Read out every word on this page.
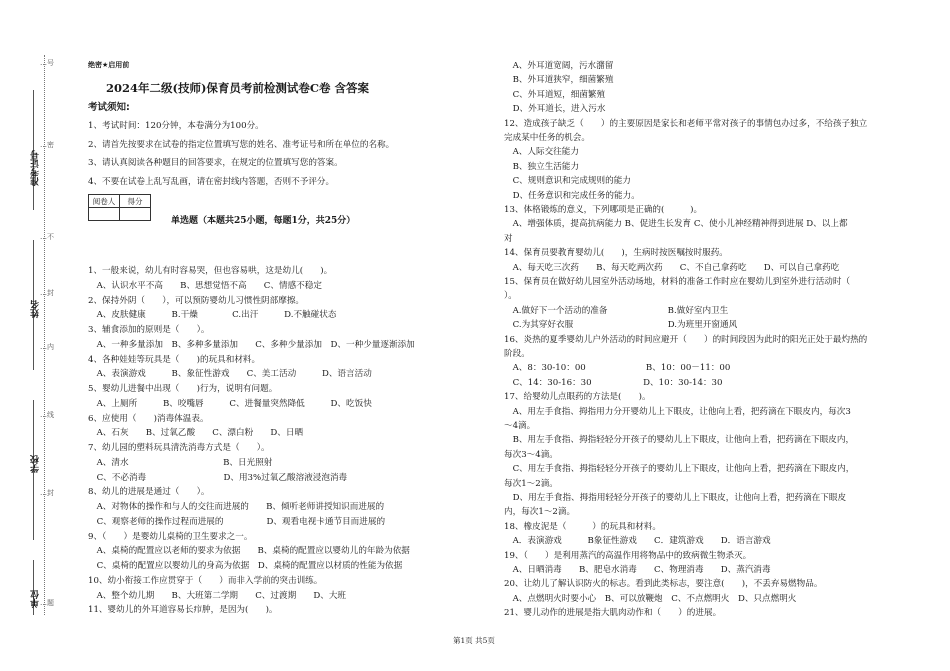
准考证号
姓名
学校
单位
…号
…密
…不
…封
…内
…线
…封
…题
绝密★启用前
2024年二级(技师)保育员考前检测试卷C卷 含答案
考试须知:
1、考试时间：120分钟，本卷满分为100分。
2、请首先按要求在试卷的指定位置填写您的姓名、准考证号和所在单位的名称。
3、请认真阅读各种题目的回答要求，在规定的位置填写您的答案。
4、不要在试卷上乱写乱画，请在密封线内答题，否则不予评分。
阅卷人	得分

单选题（本题共25小题，每题1分，共25分）
1、一般来说，幼儿有时容易哭，但也容易哄，这是幼儿(　　)。
　A、认识水平不高　　B、思想觉悟不高　　C、情感不稳定
2、保持外阴（　　），可以预防婴幼儿习惯性阴部摩擦。
　A、皮肤健康　　　B.干燥　　　　C.出汗　　　D.不触碰状态
3、辅食添加的原则是（　　）。
　A、一种多量添加　B、多种多量添加　　C、多种少量添加　D、一种少量逐渐添加
4、各种娃娃等玩具是（　　)的玩具和材料。
　A、表演游戏　　　B、象征性游戏　　C、美工活动　　　D、语言活动
5、婴幼儿进餐中出现（　　)行为，说明有问题。
　A、上厕所　　　B、咬嘴唇　　　C、进餐量突然降低　　　D、吃饭快
6、应使用（　　)消毒体温表。
　A、石灰　　B、过氧乙酸　　C、漂白粉　　D、日晒
7、幼儿园的塑料玩具清洗消毒方式是（　　）。
　A、清水　　　　　　　　　　　B、日光照射
　C、不必消毒　　　　　　　　　D、用3%过氧乙酸溶液浸泡消毒
8、幼儿的进展是通过（　　）。
　A、对物体的操作和与人的交往而进展的　　B、倾听老师讲授知识而进展的
　C、观察老师的操作过程而进展的　　　　　D、观看电视卡通节目而进展的
9、（　　）是婴幼儿桌椅的卫生要求之一。
　A、桌椅的配置应以老师的要求为依据　　B、桌椅的配置应以婴幼儿的年龄为依据
　C、桌椅的配置应以婴幼儿的身高为依据　D、桌椅的配置应以材质的性能为依据
10、幼小衔接工作应贯穿于（　　）而非入学前的突击训练。
　A、整个幼儿期　　B、大班第二学期　　C、过渡期　　D、大班
11、婴幼儿的外耳道容易长疖肿，是因为(　　)。
　A、外耳道宽阔，污水潴留
　B、外耳道狭窄，细菌繁殖
　C、外耳道短，细菌繁殖
　D、外耳道长，进入污水
12、造成孩子缺乏（　　）的主要原因是家长和老师平常对孩子的事情包办过多，不给孩子独立
完成某中任务的机会。
　A、人际交往能力
　B、独立生活能力
　C、规则意识和完成规则的能力
　D、任务意识和完成任务的能力。
13、体格锻炼的意义，下列哪项是正确的(　　　)。
　A、增强体质，提高抗病能力 B、促进生长发育 C、使小儿神经精神得到进展 D、以上都
对
14、保育员要教育婴幼儿(　　)，生病时按医嘱按时服药。
　A、每天吃三次药　　B、每天吃两次药　　C、不自己拿药吃　　D、可以自己拿药吃
15、保育员在做好幼儿园室外活动场地，材料的准备工作时应在婴幼儿到室外进行活动时（
）。
　A.做好下一个活动的准备　　　　　　　B.做好室内卫生
　C.为其穿好衣服　　　　　　　　　　　D.为班里开窗通风
16、炎热的夏季婴幼儿户外活动的时间应避开（　　）的时间段因为此时的阳光正处于最灼热的
阶段。
　A、8：30-10：00　　　　　　　B、10：00－11：00
　C、14：30-16：30　　　　　　D、10：30-14：30
17、给婴幼儿点眼药的方法是(　　)。
　A、用左手食指、拇指用力分开婴幼儿上下眼皮，让他向上看，把药滴在下眼皮内，每次3
～4滴。
　B、用左手食指、拇指轻轻分开孩子的婴幼儿上下眼皮，让他向上看，把药滴在下眼皮内，
每次3～4滴。
　C、用左手食指、拇指轻轻分开孩子的婴幼儿上下眼皮，让他向上看，把药滴在下眼皮内，
每次1～2滴。
　D、用左手食指、拇指用轻轻分开孩子的婴幼儿上下眼皮，让他向上看，把药滴在下眼皮
内，每次1～2滴。
18、橡皮泥是（　　　）的玩具和材料。
　A．表演游戏　　　B象征性游戏　　C．建筑游戏　　D．语言游戏
19、（　　）是利用蒸汽的高温作用将物品中的致病微生物杀灭。
　A、日晒消毒　　B、肥皂水消毒　　C、物理消毒　　D、蒸汽消毒
20、让幼儿了解认识防火的标志。看到此类标志，要注意(　　)，不丢弃易燃物品。
　A、点燃明火时要小心　B、可以放鞭炮　C、不点燃明火　D、只点燃明火
21、婴儿动作的进展是指大肌肉动作和（　　）的进展。
第1页 共5页
